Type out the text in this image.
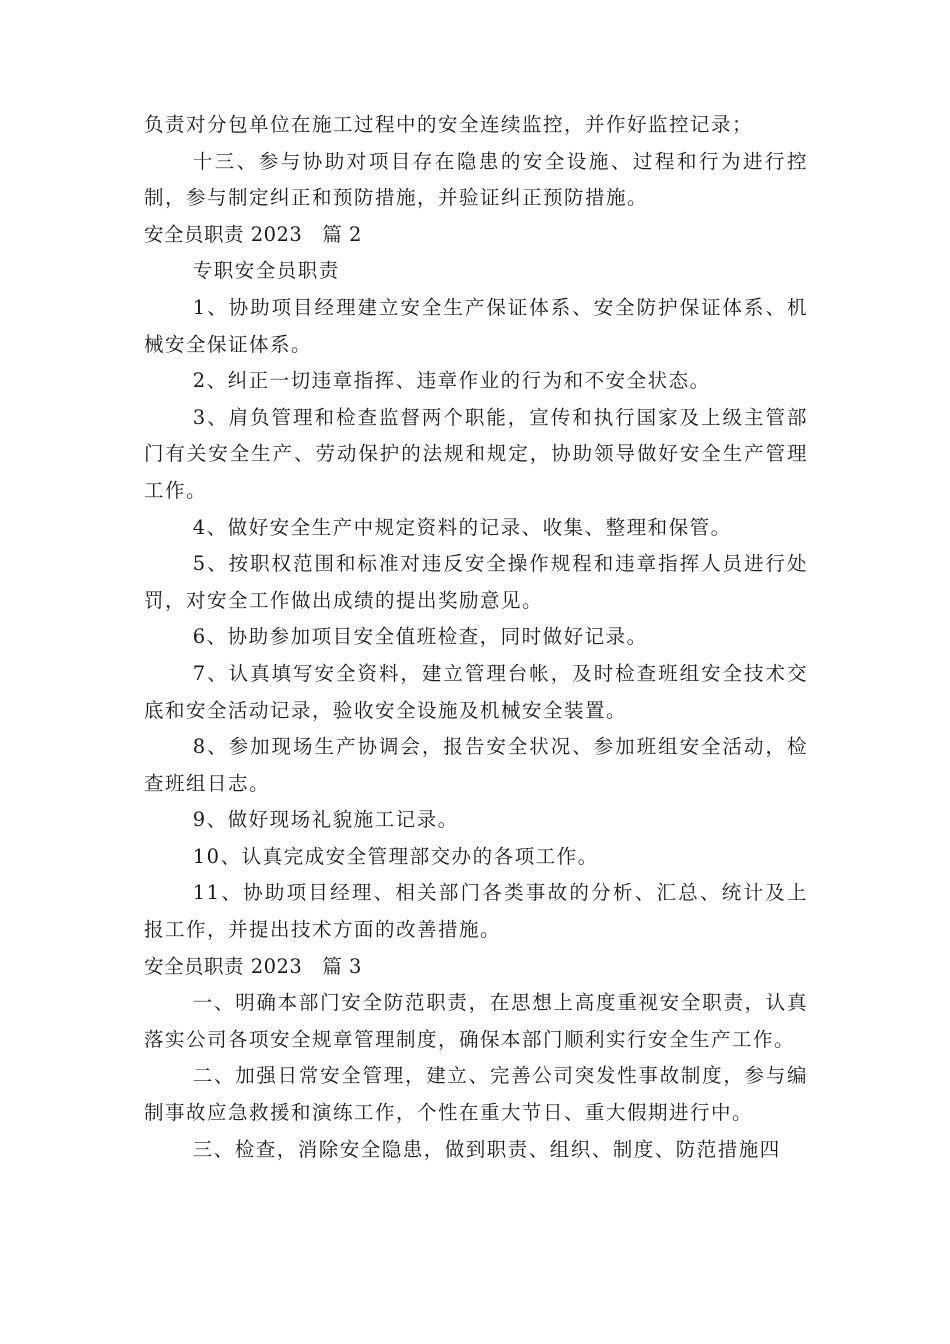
负责对分包单位在施工过程中的安全连续监控，并作好监控记录；

十三、参与协助对项目存在隐患的安全设施、过程和行为进行控制，参与制定纠正和预防措施，并验证纠正预防措施。

安全员职责 2023　篇 2

专职安全员职责

1、协助项目经理建立安全生产保证体系、安全防护保证体系、机械安全保证体系。

2、纠正一切违章指挥、违章作业的行为和不安全状态。

3、肩负管理和检查监督两个职能，宣传和执行国家及上级主管部门有关安全生产、劳动保护的法规和规定，协助领导做好安全生产管理工作。

4、做好安全生产中规定资料的记录、收集、整理和保管。

5、按职权范围和标准对违反安全操作规程和违章指挥人员进行处罚，对安全工作做出成绩的提出奖励意见。

6、协助参加项目安全值班检查，同时做好记录。

7、认真填写安全资料，建立管理台帐，及时检查班组安全技术交底和安全活动记录，验收安全设施及机械安全装置。

8、参加现场生产协调会，报告安全状况、参加班组安全活动，检查班组日志。

9、做好现场礼貌施工记录。

10、认真完成安全管理部交办的各项工作。

11、协助项目经理、相关部门各类事故的分析、汇总、统计及上报工作，并提出技术方面的改善措施。

安全员职责 2023　篇 3

一、明确本部门安全防范职责，在思想上高度重视安全职责，认真落实公司各项安全规章管理制度，确保本部门顺利实行安全生产工作。

二、加强日常安全管理，建立、完善公司突发性事故制度，参与编制事故应急救援和演练工作，个性在重大节日、重大假期进行中。

三、检查，消除安全隐患，做到职责、组织、制度、防范措施四
